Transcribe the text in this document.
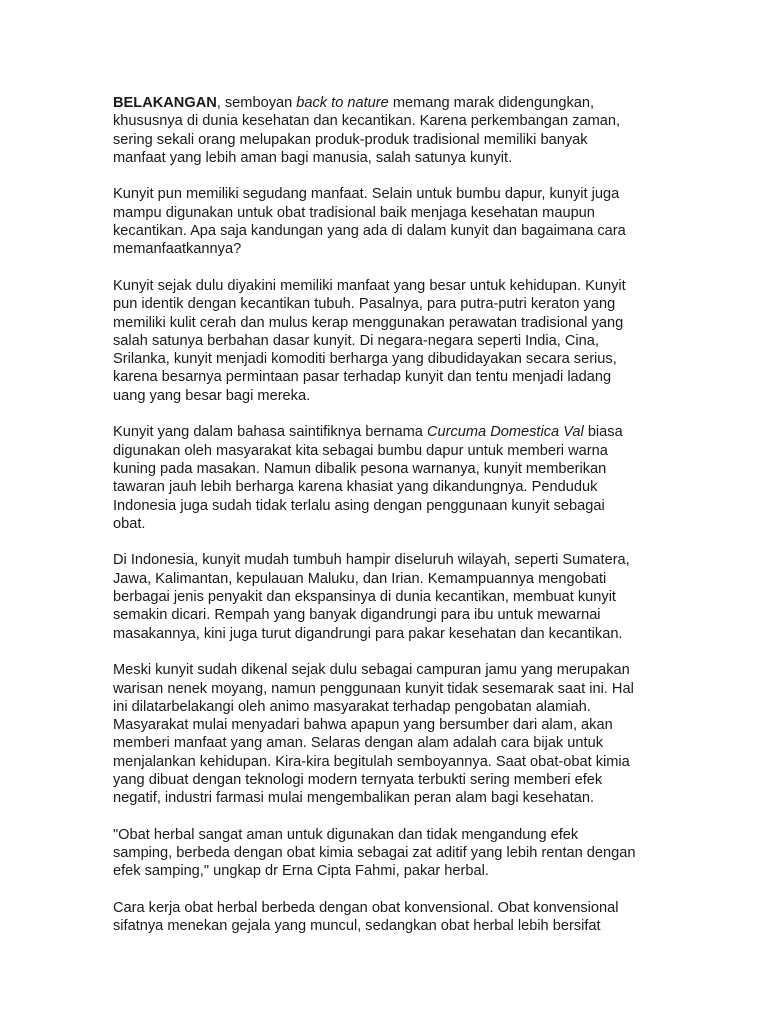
BELAKANGAN, semboyan back to nature memang marak didengungkan,
khususnya di dunia kesehatan dan kecantikan. Karena perkembangan zaman,
sering sekali orang melupakan produk-produk tradisional memiliki banyak
manfaat yang lebih aman bagi manusia, salah satunya kunyit.

Kunyit pun memiliki segudang manfaat. Selain untuk bumbu dapur, kunyit juga
mampu digunakan untuk obat tradisional baik menjaga kesehatan maupun
kecantikan. Apa saja kandungan yang ada di dalam kunyit dan bagaimana cara
memanfaatkannya?

Kunyit sejak dulu diyakini memiliki manfaat yang besar untuk kehidupan. Kunyit
pun identik dengan kecantikan tubuh. Pasalnya, para putra-putri keraton yang
memiliki kulit cerah dan mulus kerap menggunakan perawatan tradisional yang
salah satunya berbahan dasar kunyit. Di negara-negara seperti India, Cina,
Srilanka, kunyit menjadi komoditi berharga yang dibudidayakan secara serius,
karena besarnya permintaan pasar terhadap kunyit dan tentu menjadi ladang
uang yang besar bagi mereka.

Kunyit yang dalam bahasa saintifiknya bernama Curcuma Domestica Val biasa
digunakan oleh masyarakat kita sebagai bumbu dapur untuk memberi warna
kuning pada masakan. Namun dibalik pesona warnanya, kunyit memberikan
tawaran jauh lebih berharga karena khasiat yang dikandungnya. Penduduk
Indonesia juga sudah tidak terlalu asing dengan penggunaan kunyit sebagai
obat.

Di Indonesia, kunyit mudah tumbuh hampir diseluruh wilayah, seperti Sumatera,
Jawa, Kalimantan, kepulauan Maluku, dan Irian. Kemampuannya mengobati
berbagai jenis penyakit dan ekspansinya di dunia kecantikan, membuat kunyit
semakin dicari. Rempah yang banyak digandrungi para ibu untuk mewarnai
masakannya, kini juga turut digandrungi para pakar kesehatan dan kecantikan.

Meski kunyit sudah dikenal sejak dulu sebagai campuran jamu yang merupakan
warisan nenek moyang, namun penggunaan kunyit tidak sesemarak saat ini. Hal
ini dilatarbelakangi oleh animo masyarakat terhadap pengobatan alamiah.
Masyarakat mulai menyadari bahwa apapun yang bersumber dari alam, akan
memberi manfaat yang aman. Selaras dengan alam adalah cara bijak untuk
menjalankan kehidupan. Kira-kira begitulah semboyannya. Saat obat-obat kimia
yang dibuat dengan teknologi modern ternyata terbukti sering memberi efek
negatif, industri farmasi mulai mengembalikan peran alam bagi kesehatan.

"Obat herbal sangat aman untuk digunakan dan tidak mengandung efek
samping, berbeda dengan obat kimia sebagai zat aditif yang lebih rentan dengan
efek samping," ungkap dr Erna Cipta Fahmi, pakar herbal.

Cara kerja obat herbal berbeda dengan obat konvensional. Obat konvensional
sifatnya menekan gejala yang muncul, sedangkan obat herbal lebih bersifat
